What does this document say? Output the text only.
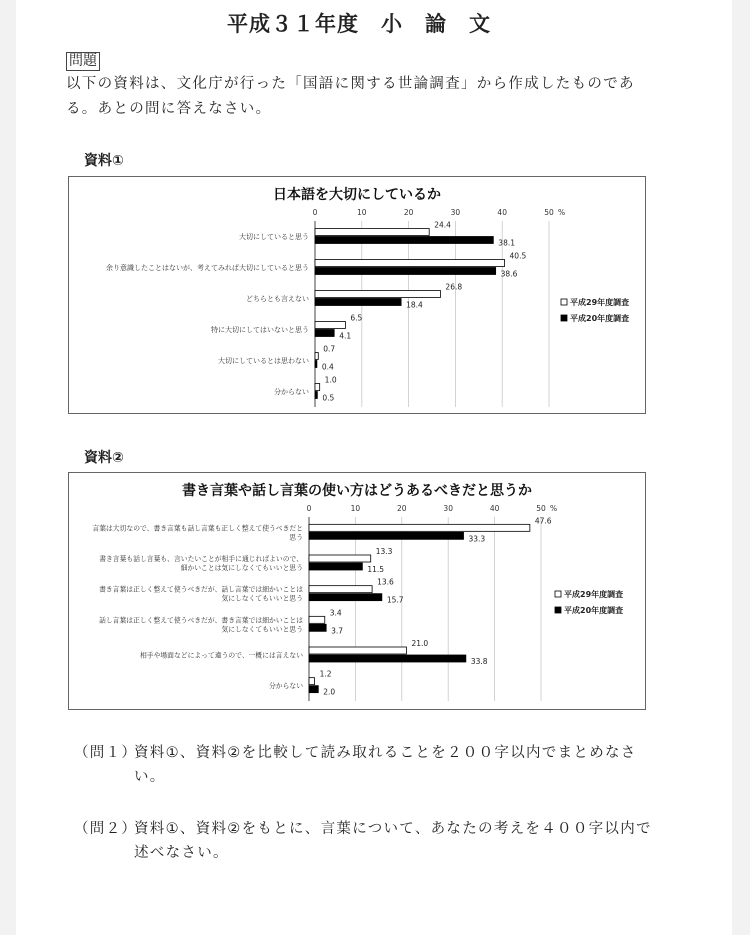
平成３１年度　小　論　文
問題
以下の資料は、文化庁が行った「国語に関する世論調査」から作成したものである。あとの問に答えなさい。
資料①
日本語を大切にしているか
0	10	20	30	40	50 %
大切にしていると思う
24.4
38.1
余り意識したことはないが、考えてみれば大切にしていると思う
40.5
38.6
どちらとも言えない
26.8
18.4
特に大切にしてはいないと思う
6.5
4.1
大切にしているとは思わない
0.7
0.4
分からない
1.0
0.5
平成29年度調査
平成20年度調査
資料②
書き言葉や話し言葉の使い方はどうあるべきだと思うか
0	10	20	30	40	50 %
言葉は大切なので、書き言葉も話し言葉も正しく整えて使うべきだと
思う
47.6
33.3
書き言葉も話し言葉も、言いたいことが相手に通じればよいので、
細かいことは気にしなくてもいいと思う
13.3
11.5
書き言葉は正しく整えて使うべきだが、話し言葉では細かいことは
気にしなくてもいいと思う
13.6
15.7
話し言葉は正しく整えて使うべきだが、書き言葉では細かいことは
気にしなくてもいいと思う
3.4
3.7
相手や場面などによって違うので、一概には言えない
21.0
33.8
分からない
1.2
2.0
平成29年度調査
平成20年度調査
（問１）
資料①、資料②を比較して読み取れることを２００字以内でまとめなさい。
（問２）
資料①、資料②をもとに、言葉について、あなたの考えを４００字以内で述べなさい。
